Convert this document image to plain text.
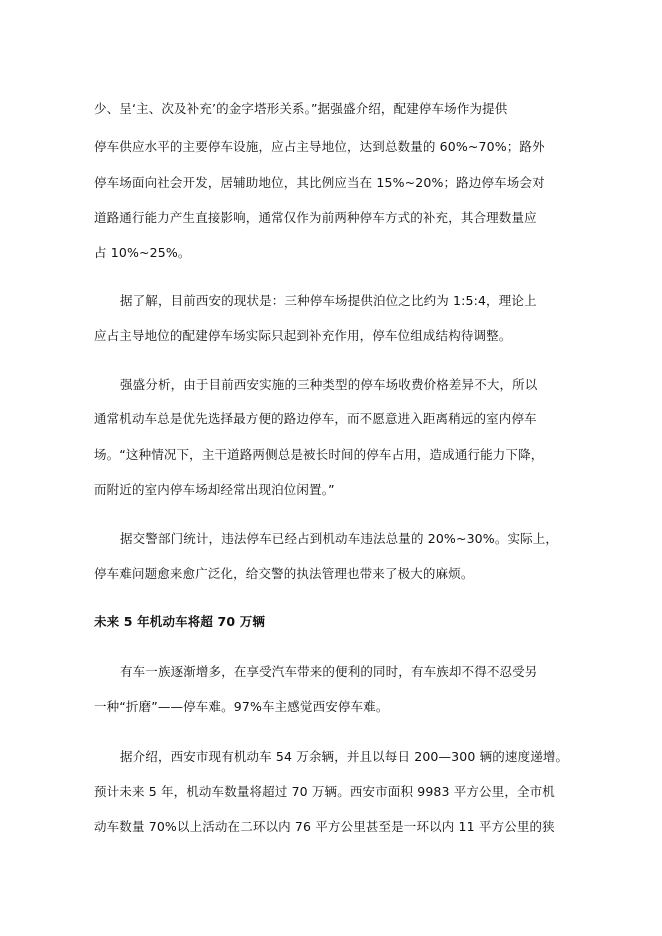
少、呈‘主、次及补充’的金字塔形关系。”据强盛介绍，配建停车场作为提供
停车供应水平的主要停车设施，应占主导地位，达到总数量的 60%~70%；路外
停车场面向社会开发，居辅助地位，其比例应当在 15%~20%；路边停车场会对
道路通行能力产生直接影响，通常仅作为前两种停车方式的补充，其合理数量应
占 10%~25%。
据了解，目前西安的现状是：三种停车场提供泊位之比约为 1:5:4，理论上
应占主导地位的配建停车场实际只起到补充作用，停车位组成结构待调整。
强盛分析，由于目前西安实施的三种类型的停车场收费价格差异不大，所以
通常机动车总是优先选择最方便的路边停车，而不愿意进入距离稍远的室内停车
场。“这种情况下，主干道路两侧总是被长时间的停车占用，造成通行能力下降，
而附近的室内停车场却经常出现泊位闲置。”
据交警部门统计，违法停车已经占到机动车违法总量的 20%~30%。实际上，
停车难问题愈来愈广泛化，给交警的执法管理也带来了极大的麻烦。
未来 5 年机动车将超 70 万辆
有车一族逐渐增多，在享受汽车带来的便利的同时，有车族却不得不忍受另
一种“折磨”——停车难。97%车主感觉西安停车难。
据介绍，西安市现有机动车 54 万余辆，并且以每日 200—300 辆的速度递增。
预计未来 5 年，机动车数量将超过 70 万辆。西安市面积 9983 平方公里，全市机
动车数量 70%以上活动在二环以内 76 平方公里甚至是一环以内 11 平方公里的狭
